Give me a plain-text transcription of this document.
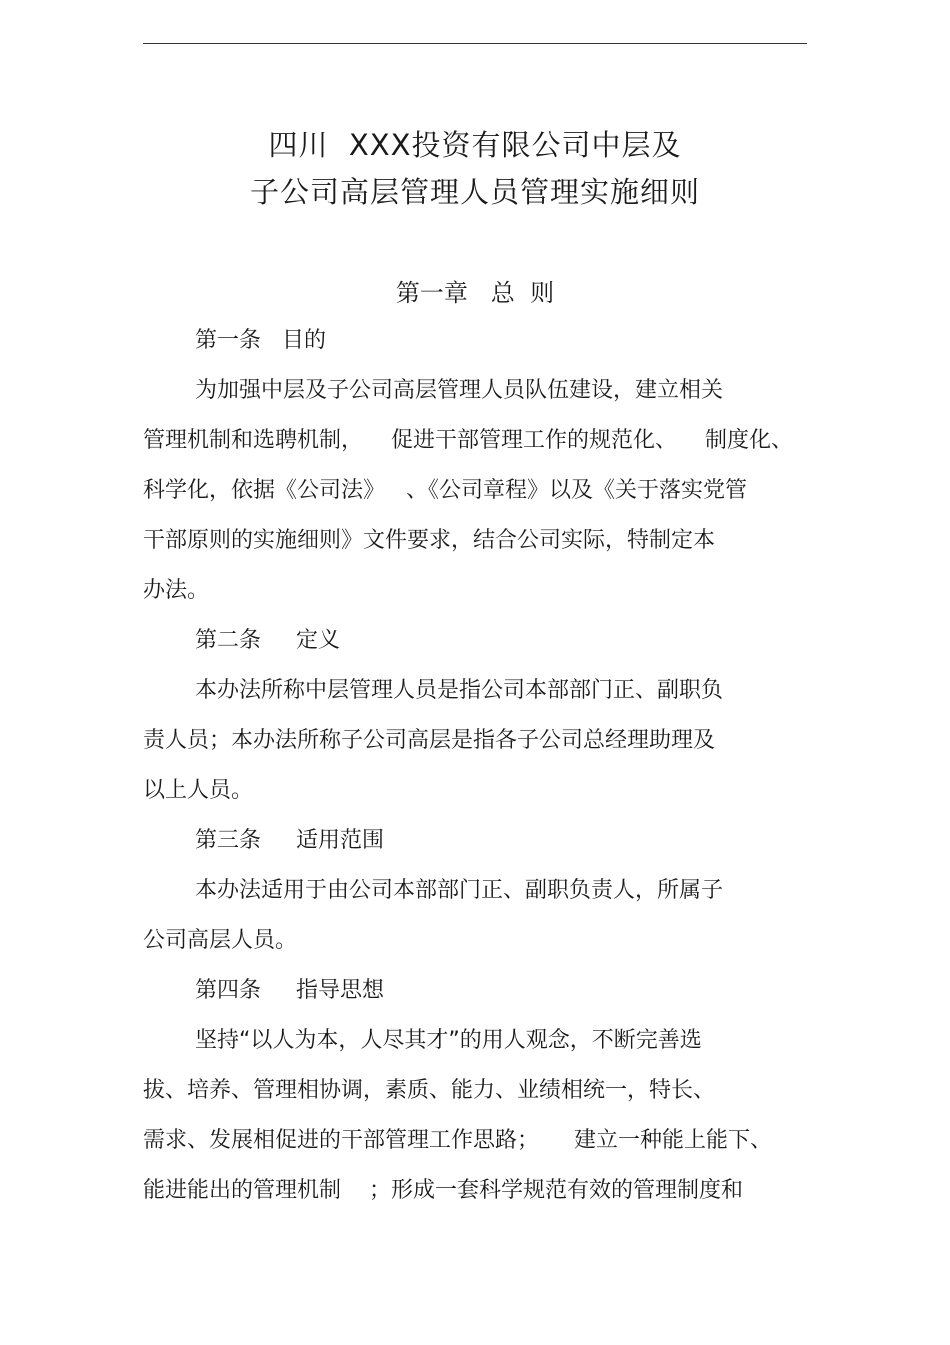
四川  XXX投资有限公司中层及
子公司高层管理人员管理实施细则
第一章   总  则
第一条   目的
为加强中层及子公司高层管理人员队伍建设，建立相关
管理机制和选聘机制，    促进干部管理工作的规范化、    制度化、
科学化，依据《公司法》   、《公司章程》以及《关于落实党管
干部原则的实施细则》文件要求，结合公司实际，特制定本
办法。
第二条     定义
本办法所称中层管理人员是指公司本部部门正、副职负
责人员；本办法所称子公司高层是指各子公司总经理助理及
以上人员。
第三条     适用范围
本办法适用于由公司本部部门正、副职负责人，所属子
公司高层人员。
第四条     指导思想
坚持“以人为本，人尽其才”的用人观念，不断完善选
拔、培养、管理相协调，素质、能力、业绩相统一，特长、
需求、发展相促进的干部管理工作思路；     建立一种能上能下、
能进能出的管理机制    ；形成一套科学规范有效的管理制度和
